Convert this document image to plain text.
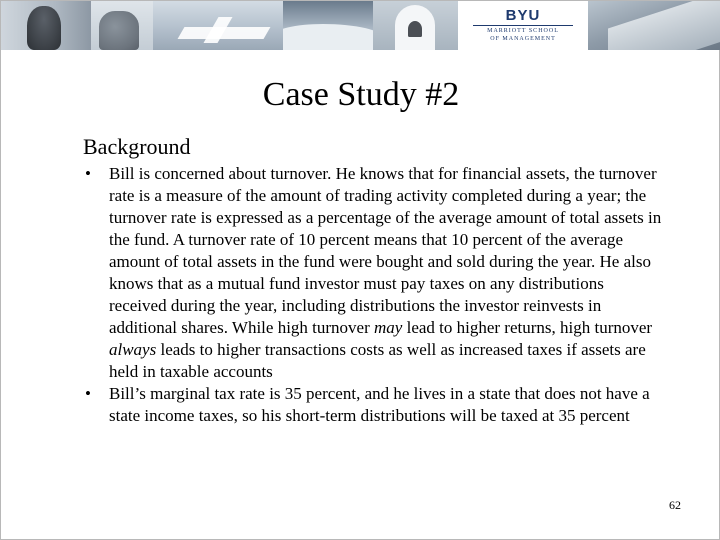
BYU
MARRIOTT SCHOOL
OF MANAGEMENT
Case Study #2
Background
• Bill is concerned about turnover. He knows that for financial assets, the turnover rate is a measure of the amount of trading activity completed during a year; the turnover rate is expressed as a percentage of the average amount of total assets in the fund. A turnover rate of 10 percent means that 10 percent of the average amount of total assets in the fund were bought and sold during the year. He also knows that as a mutual fund investor must pay taxes on any distributions received during the year, including distributions the investor reinvests in additional shares. While high turnover may lead to higher returns, high turnover always leads to higher transactions costs as well as increased taxes if assets are held in taxable accounts
• Bill’s marginal tax rate is 35 percent, and he lives in a state that does not have a state income taxes, so his short-term distributions will be taxed at 35 percent
62
